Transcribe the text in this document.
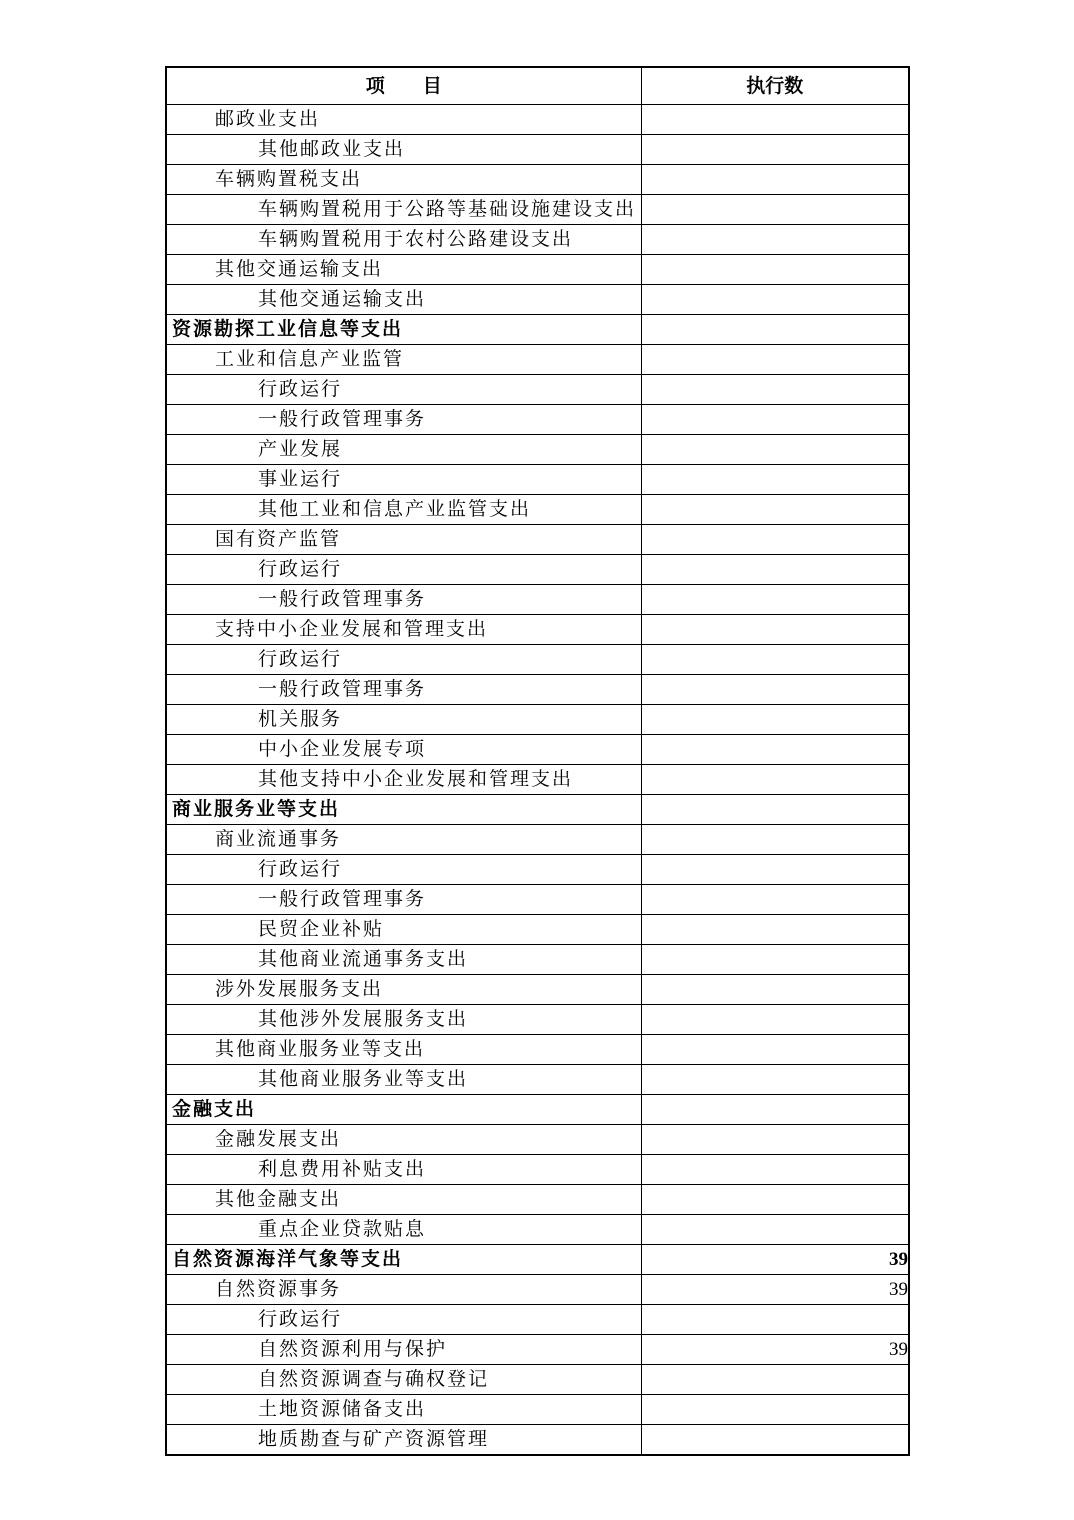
项　　目	执行数
邮政业支出	
其他邮政业支出	
车辆购置税支出	
车辆购置税用于公路等基础设施建设支出	
车辆购置税用于农村公路建设支出	
其他交通运输支出	
其他交通运输支出	
资源勘探工业信息等支出	
工业和信息产业监管	
行政运行	
一般行政管理事务	
产业发展	
事业运行	
其他工业和信息产业监管支出	
国有资产监管	
行政运行	
一般行政管理事务	
支持中小企业发展和管理支出	
行政运行	
一般行政管理事务	
机关服务	
中小企业发展专项	
其他支持中小企业发展和管理支出	
商业服务业等支出	
商业流通事务	
行政运行	
一般行政管理事务	
民贸企业补贴	
其他商业流通事务支出	
涉外发展服务支出	
其他涉外发展服务支出	
其他商业服务业等支出	
其他商业服务业等支出	
金融支出	
金融发展支出	
利息费用补贴支出	
其他金融支出	
重点企业贷款贴息	
自然资源海洋气象等支出	39
自然资源事务	39
行政运行	
自然资源利用与保护	39
自然资源调查与确权登记	
土地资源储备支出	
地质勘查与矿产资源管理	
